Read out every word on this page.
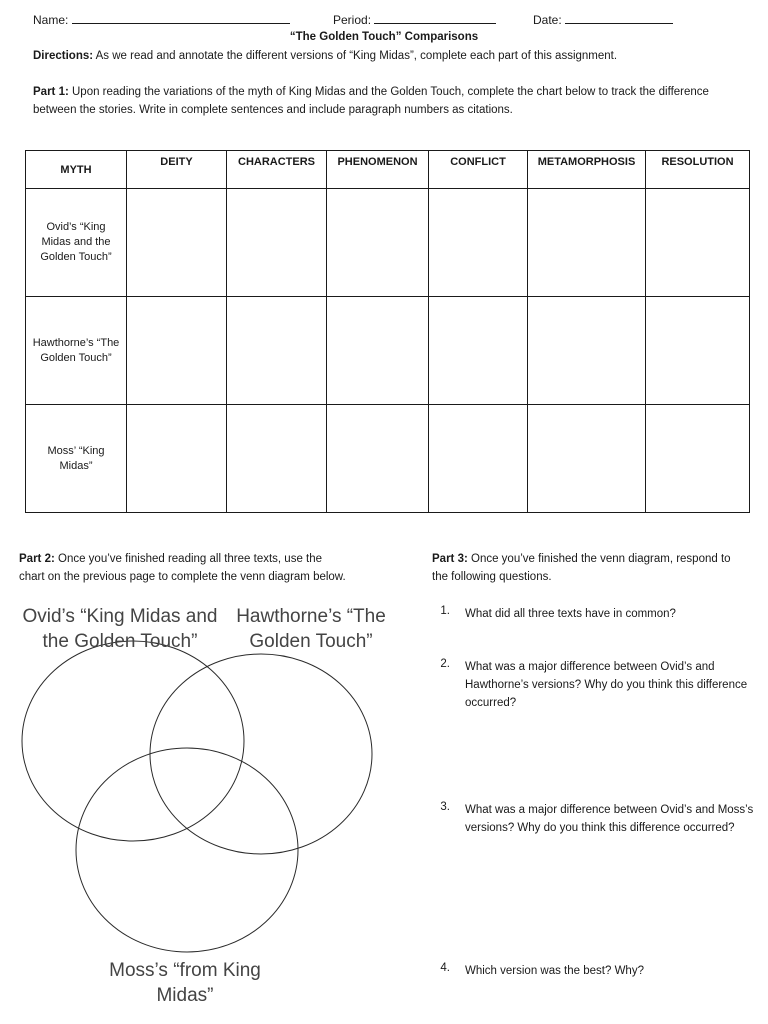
Name:	Period:	Date:
“The Golden Touch” Comparisons
Directions: As we read and annotate the different versions of “King Midas”, complete each part of this assignment.
Part 1: Upon reading the variations of the myth of King Midas and the Golden Touch, complete the chart below to track the difference between the stories. Write in complete sentences and include paragraph numbers as citations.
MYTH	DEITY	CHARACTERS	PHENOMENON	CONFLICT	METAMORPHOSIS	RESOLUTION

Ovid’s “King Midas and the Golden Touch”						

Hawthorne’s “The Golden Touch”						

Moss’ “King Midas”						

Part 2: Once you’ve finished reading all three texts, use the chart on the previous page to complete the venn diagram below.
Ovid’s “King Midas and the Golden Touch”
Hawthorne’s “The Golden Touch”
Moss’s “from King Midas”
Part 3: Once you’ve finished the venn diagram, respond to the following questions.
1. What did all three texts have in common?
2. What was a major difference between Ovid’s and Hawthorne’s versions? Why do you think this difference occurred?
3. What was a major difference between Ovid’s and Moss’s versions? Why do you think this difference occurred?
4. Which version was the best? Why?
